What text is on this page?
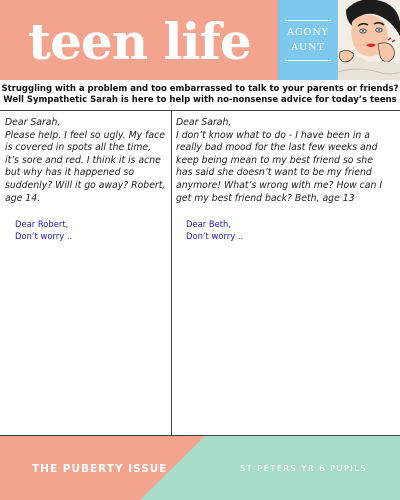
teen life	AGONY
AUNT
Struggling with a problem and too embarrassed to talk to your parents or friends?
Well Sympathetic Sarah is here to help with no-nonsense advice for today’s teens
Dear Sarah,
Please help. I feel so ugly. My face is covered in spots all the time, it’s sore and red. I think it is acne but why has it happened so suddenly? Will it go away? Robert, age 14.
Dear Robert,
Don’t worry ..
Dear Sarah,
I don’t know what to do - I have been in a really bad mood for the last few weeks and keep being mean to my best friend so she has said she doesn’t want to be my friend anymore! What’s wrong with me? How can I get my best friend back? Beth, age 13
Dear Beth,
Don’t worry ..
THE PUBERTY ISSUE	ST PETERS YR 6 PUPILS
